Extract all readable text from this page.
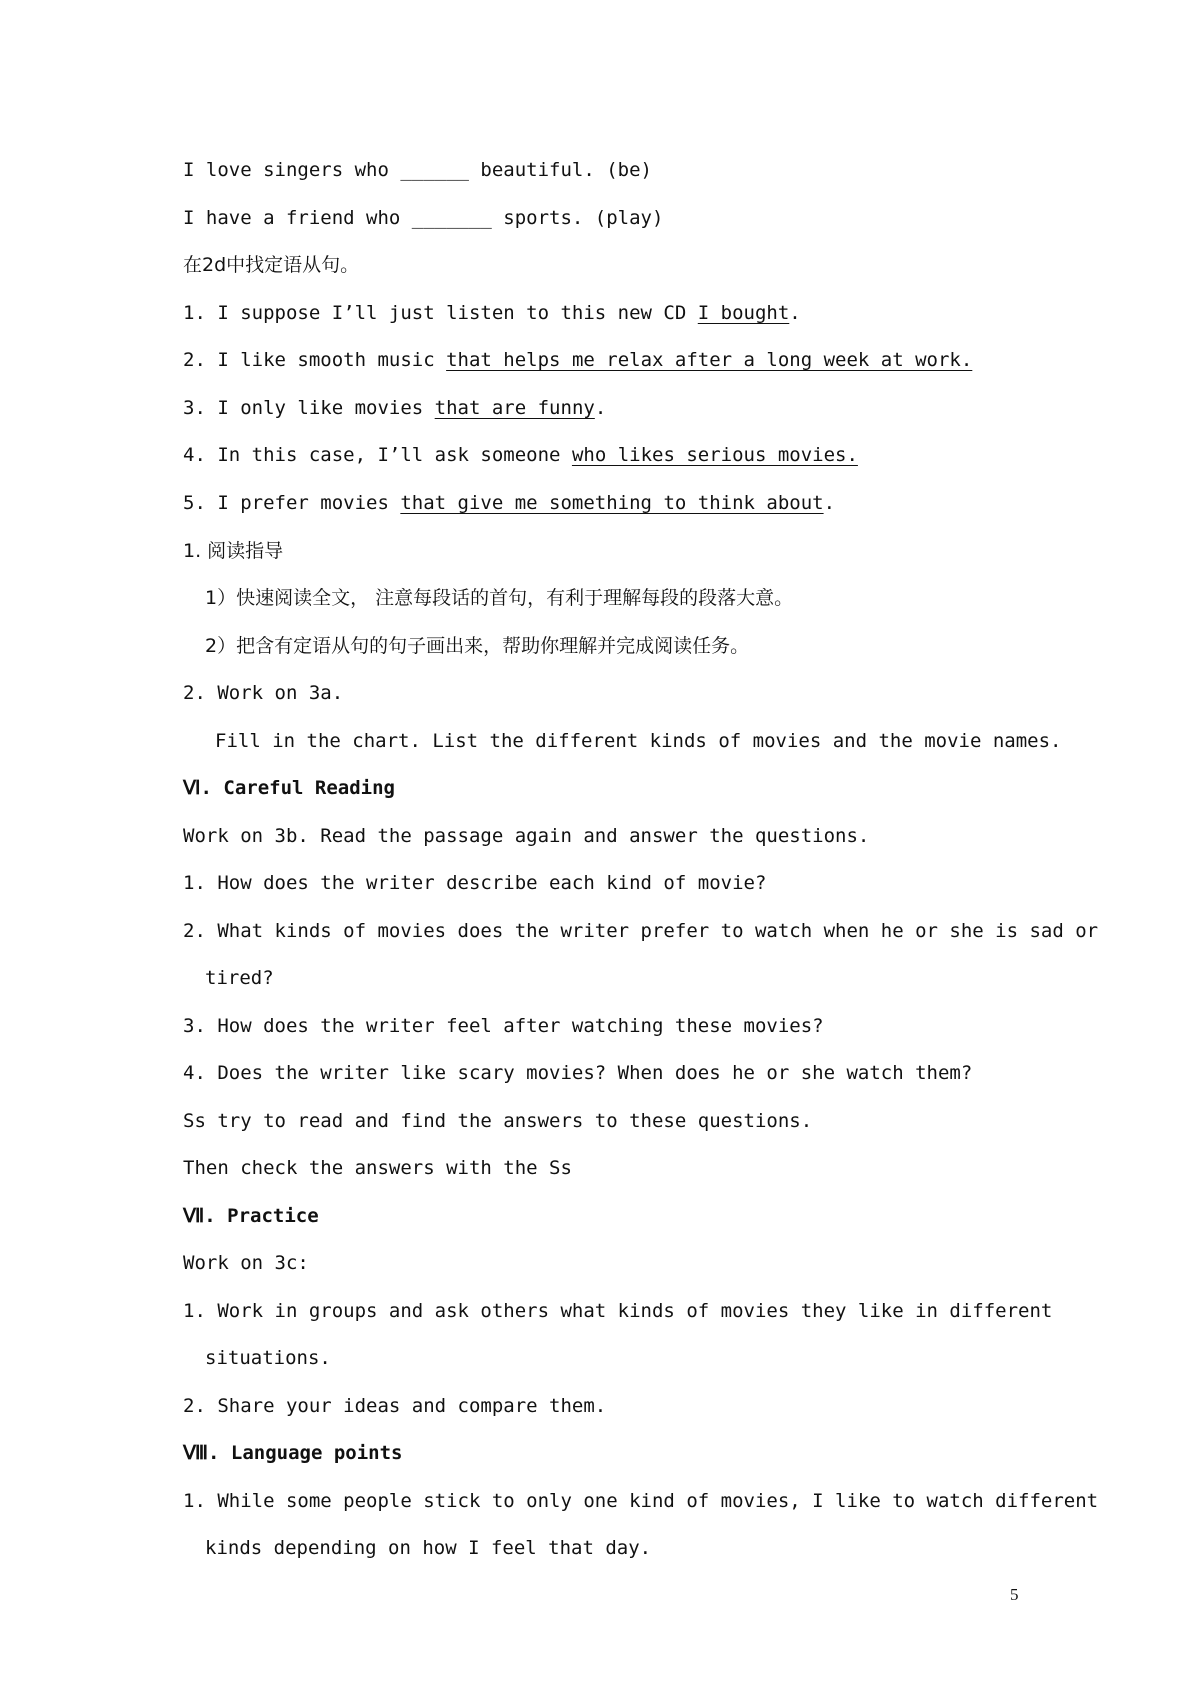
I love singers who ______ beautiful. (be)
I have a friend who _______ sports. (play)
在2d中找定语从句。
1. I suppose I’ll just listen to this new CD I bought.
2. I like smooth music that helps me relax after a long week at work.
3. I only like movies that are funny.
4. In this case, I’ll ask someone who likes serious movies.
5. I prefer movies that give me something to think about.
1. 阅读指导
1）快速阅读全文， 注意每段话的首句，有利于理解每段的段落大意。
2）把含有定语从句的句子画出来，帮助你理解并完成阅读任务。
2. Work on 3a.
Fill in the chart. List the different kinds of movies and the movie names.
Ⅵ. Careful Reading
Work on 3b. Read the passage again and answer the questions.
1. How does the writer describe each kind of movie?
2. What kinds of movies does the writer prefer to watch when he or she is sad or
tired?
3. How does the writer feel after watching these movies?
4. Does the writer like scary movies? When does he or she watch them?
Ss try to read and find the answers to these questions.
Then check the answers with the Ss
Ⅶ. Practice
Work on 3c:
1. Work in groups and ask others what kinds of movies they like in different
situations.
2. Share your ideas and compare them.
Ⅷ. Language points
1. While some people stick to only one kind of movies, I like to watch different
kinds depending on how I feel that day.
5
